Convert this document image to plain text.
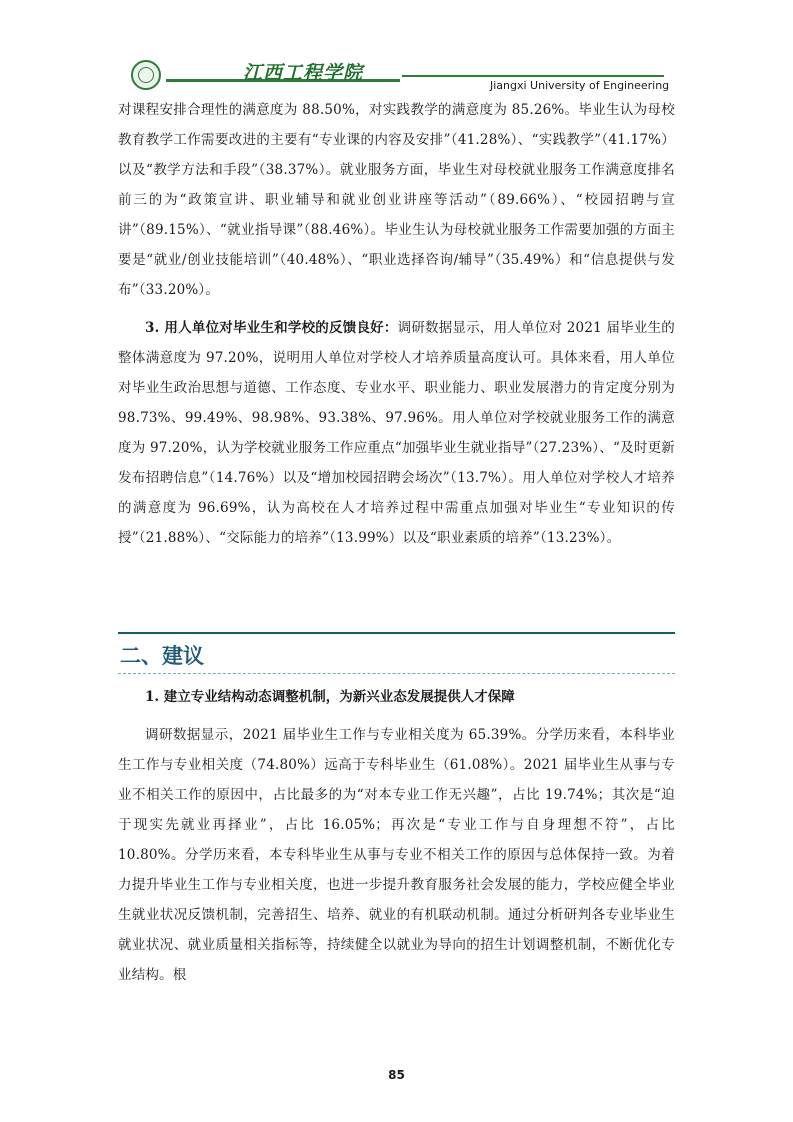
江西工程学院
Jiangxi University of Engineering

对课程安排合理性的满意度为 88.50%，对实践教学的满意度为 85.26%。毕业生认为母校教育教学工作需要改进的主要有“专业课的内容及安排”（41.28%）、“实践教学”（41.17%）以及“教学方法和手段”（38.37%）。就业服务方面，毕业生对母校就业服务工作满意度排名前三的为“政策宣讲、职业辅导和就业创业讲座等活动”（89.66%）、“校园招聘与宣讲”（89.15%）、“就业指导课”（88.46%）。毕业生认为母校就业服务工作需要加强的方面主要是“就业/创业技能培训”（40.48%）、“职业选择咨询/辅导”（35.49%）和“信息提供与发布”（33.20%）。

3. 用人单位对毕业生和学校的反馈良好：调研数据显示，用人单位对 2021 届毕业生的整体满意度为 97.20%，说明用人单位对学校人才培养质量高度认可。具体来看，用人单位对毕业生政治思想与道德、工作态度、专业水平、职业能力、职业发展潜力的肯定度分别为 98.73%、99.49%、98.98%、93.38%、97.96%。用人单位对学校就业服务工作的满意度为 97.20%，认为学校就业服务工作应重点“加强毕业生就业指导”（27.23%）、“及时更新发布招聘信息”（14.76%）以及“增加校园招聘会场次”（13.7%）。用人单位对学校人才培养的满意度为 96.69%，认为高校在人才培养过程中需重点加强对毕业生“专业知识的传授”（21.88%）、“交际能力的培养”（13.99%）以及“职业素质的培养”（13.23%）。

二、建议

1. 建立专业结构动态调整机制，为新兴业态发展提供人才保障

调研数据显示，2021 届毕业生工作与专业相关度为 65.39%。分学历来看，本科毕业生工作与专业相关度（74.80%）远高于专科毕业生（61.08%）。2021 届毕业生从事与专业不相关工作的原因中，占比最多的为“对本专业工作无兴趣”，占比 19.74%；其次是“迫于现实先就业再择业”，占比 16.05%；再次是“专业工作与自身理想不符”，占比 10.80%。分学历来看，本专科毕业生从事与专业不相关工作的原因与总体保持一致。为着力提升毕业生工作与专业相关度，也进一步提升教育服务社会发展的能力，学校应健全毕业生就业状况反馈机制，完善招生、培养、就业的有机联动机制。通过分析研判各专业毕业生就业状况、就业质量相关指标等，持续健全以就业为导向的招生计划调整机制，不断优化专业结构。根

85
